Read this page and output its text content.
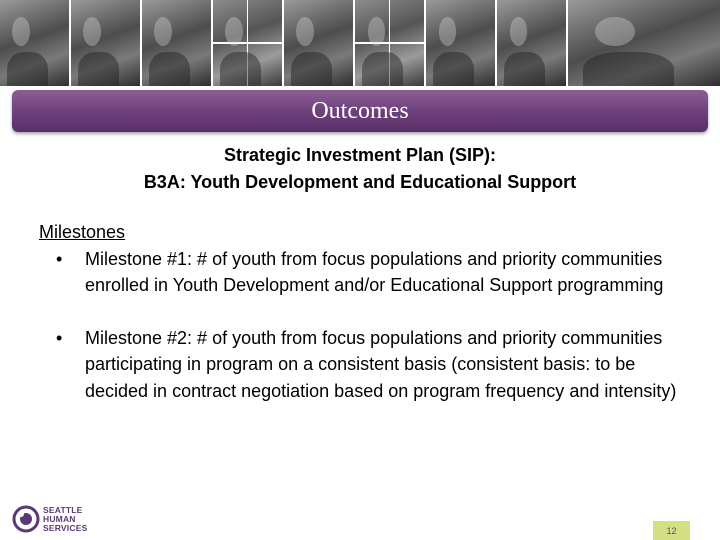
Outcomes
Strategic Investment Plan (SIP):
B3A: Youth Development and Educational Support
Milestones
• Milestone #1: # of youth from focus populations and priority communities enrolled in Youth Development and/or Educational Support programming
• Milestone #2: # of youth from focus populations and priority communities participating in program on a consistent basis (consistent basis: to be decided in contract negotiation based on program frequency and intensity)
SEATTLE
HUMAN
SERVICES	12
